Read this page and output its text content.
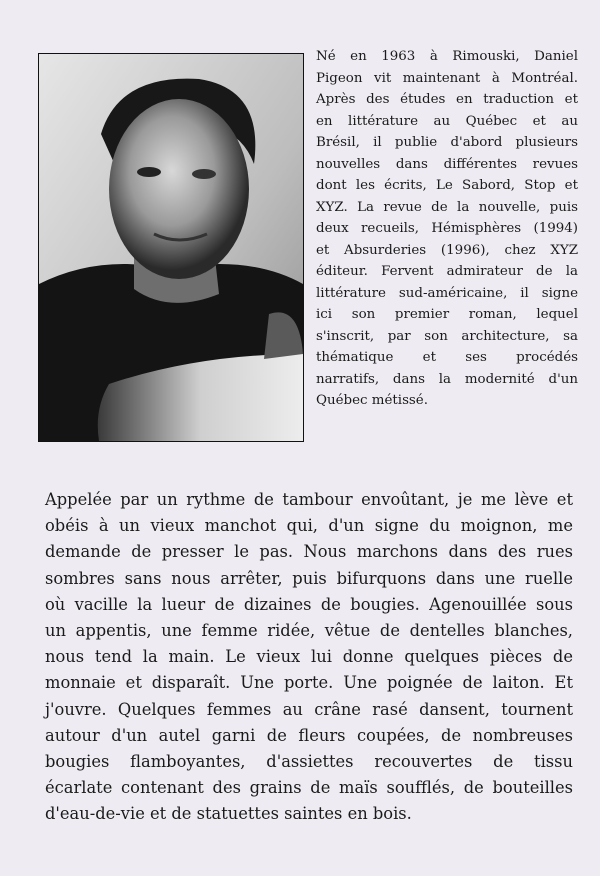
Né en 1963 à Rimouski, Daniel
Pigeon vit maintenant à Montréal.
Après des études en traduction et
en littérature au Québec et au
Brésil, il publie d'abord plusieurs
nouvelles dans différentes revues
dont les écrits, Le Sabord, Stop et
XYZ. La revue de la nouvelle, puis
deux recueils, Hémisphères (1994)
et Absurderies (1996), chez XYZ
éditeur. Fervent admirateur de la
littérature sud-américaine, il signe
ici son premier roman, lequel
s'inscrit, par son architecture, sa
thématique et ses procédés
narratifs, dans la modernité d'un
Québec métissé.
Appelée par un rythme de tambour envoûtant, je me lève et
obéis à un vieux manchot qui, d'un signe du moignon, me
demande de presser le pas. Nous marchons dans des rues
sombres sans nous arrêter, puis bifurquons dans une ruelle
où vacille la lueur de dizaines de bougies. Agenouillée sous
un appentis, une femme ridée, vêtue de dentelles blanches,
nous tend la main. Le vieux lui donne quelques pièces de
monnaie et disparaît. Une porte. Une poignée de laiton. Et
j'ouvre. Quelques femmes au crâne rasé dansent, tournent
autour d'un autel garni de fleurs coupées, de nombreuses
bougies flamboyantes, d'assiettes recouvertes de tissu
écarlate contenant des grains de maïs soufflés, de bouteilles
d'eau-de-vie et de statuettes saintes en bois.
